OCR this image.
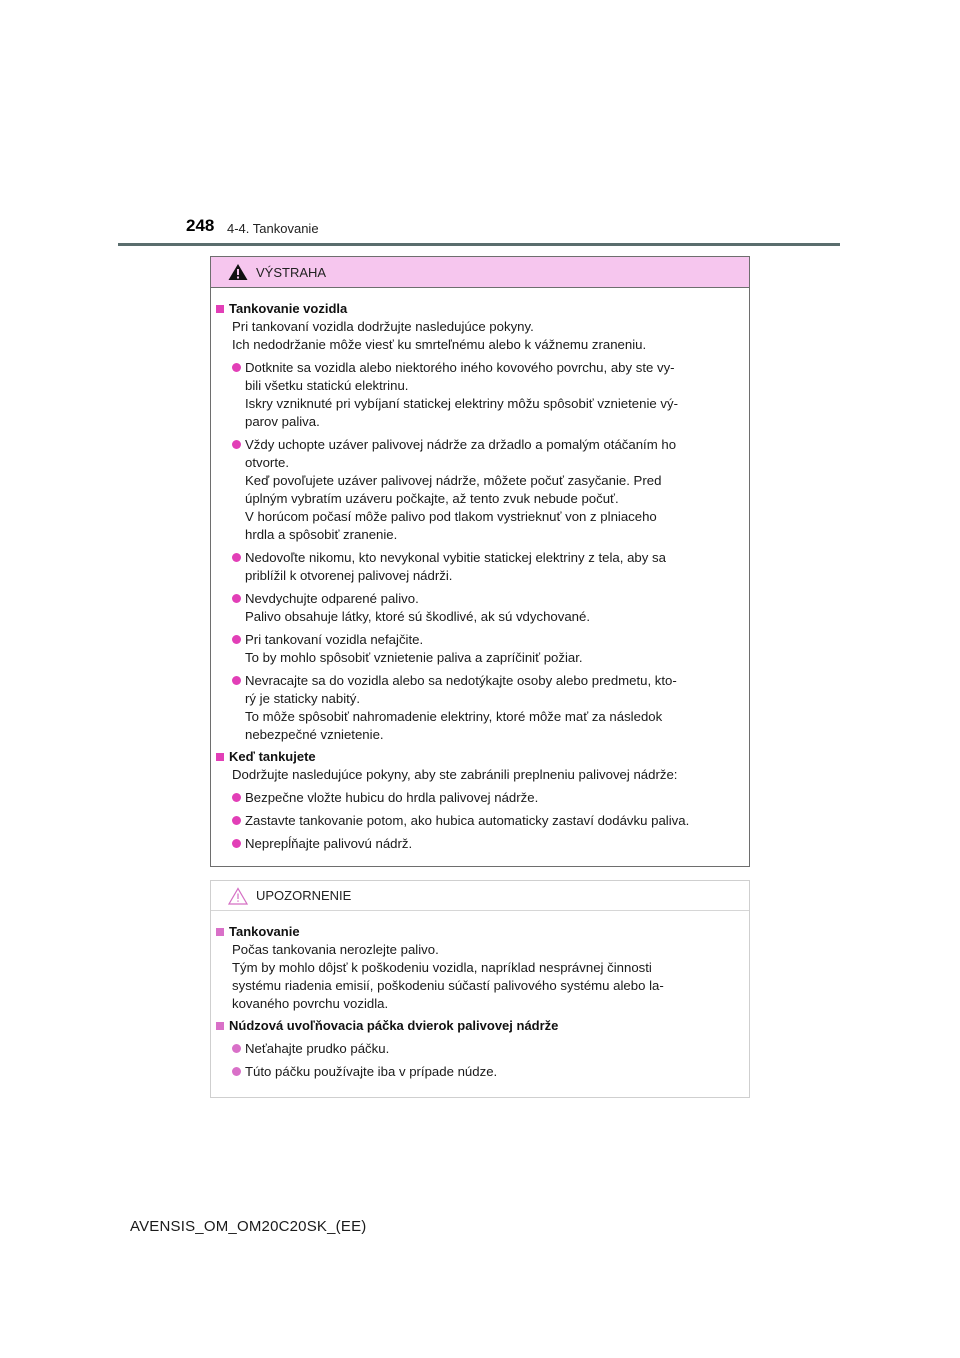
248 4-4. Tankovanie
VÝSTRAHA
Tankovanie vozidla
Pri tankovaní vozidla dodržujte nasledujúce pokyny.
Ich nedodržanie môže viesť ku smrteľnému alebo k vážnemu zraneniu.
Dotknite sa vozidla alebo niektorého iného kovového povrchu, aby ste vy-
bili všetku statickú elektrinu.
Iskry vzniknuté pri vybíjaní statickej elektriny môžu spôsobiť vznietenie vý-
parov paliva.
Vždy uchopte uzáver palivovej nádrže za držadlo a pomalým otáčaním ho
otvorte.
Keď povoľujete uzáver palivovej nádrže, môžete počuť zasyčanie. Pred
úplným vybratím uzáveru počkajte, až tento zvuk nebude počuť.
V horúcom počasí môže palivo pod tlakom vystrieknuť von z plniaceho
hrdla a spôsobiť zranenie.
Nedovoľte nikomu, kto nevykonal vybitie statickej elektriny z tela, aby sa
priblížil k otvorenej palivovej nádrži.
Nevdychujte odparené palivo.
Palivo obsahuje látky, ktoré sú škodlivé, ak sú vdychované.
Pri tankovaní vozidla nefajčite.
To by mohlo spôsobiť vznietenie paliva a zapríčiniť požiar.
Nevracajte sa do vozidla alebo sa nedotýkajte osoby alebo predmetu, kto-
rý je staticky nabitý.
To môže spôsobiť nahromadenie elektriny, ktoré môže mať za následok
nebezpečné vznietenie.
Keď tankujete
Dodržujte nasledujúce pokyny, aby ste zabránili preplneniu palivovej nádrže:
Bezpečne vložte hubicu do hrdla palivovej nádrže.
Zastavte tankovanie potom, ako hubica automaticky zastaví dodávku paliva.
Neprepĺňajte palivovú nádrž.
UPOZORNENIE
Tankovanie
Počas tankovania nerozlejte palivo.
Tým by mohlo dôjsť k poškodeniu vozidla, napríklad nesprávnej činnosti
systému riadenia emisií, poškodeniu súčastí palivového systému alebo la-
kovaného povrchu vozidla.
Núdzová uvoľňovacia páčka dvierok palivovej nádrže
Neťahajte prudko páčku.
Túto páčku používajte iba v prípade núdze.
AVENSIS_OM_OM20C20SK_(EE)
